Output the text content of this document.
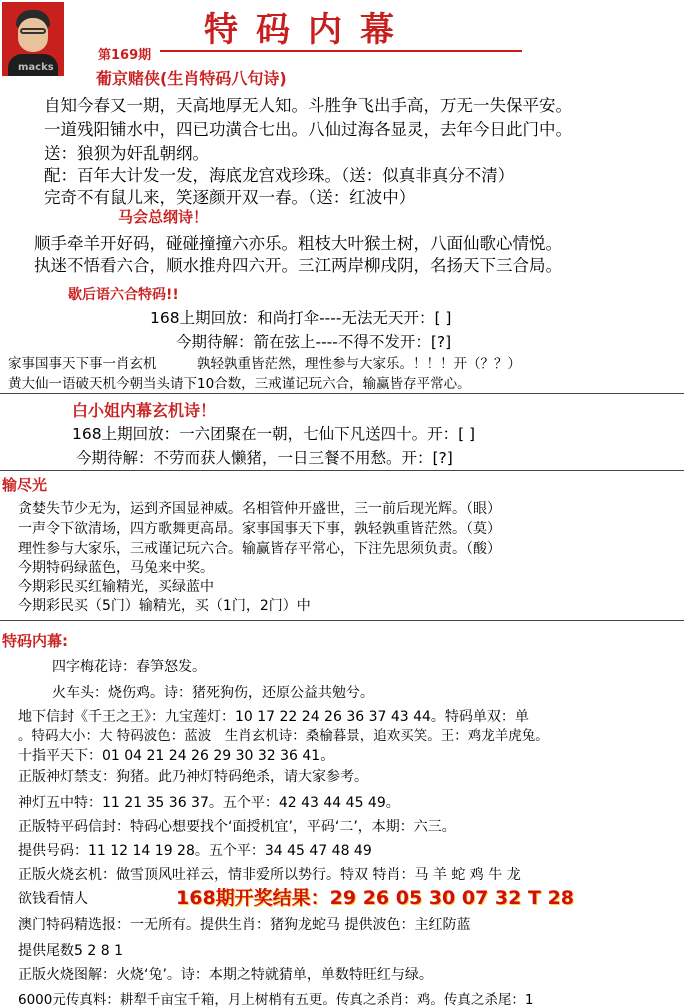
macks
第169期
特码内幕
葡京赌侠(生肖特码八句诗)
自知今春又一期，天高地厚无人知。斗胜争飞出手高，万无一失保平安。
一道残阳铺水中，四已功潢合七出。八仙过海各显灵，去年今日此门中。
送：狼狈为奸乱朝纲。
配：百年大计发一发，海底龙宫戏珍珠。（送：似真非真分不清）
完奇不有鼠儿来，笑逐颜开双一春。（送：红波中）
马会总纲诗！
顺手牵羊开好码，碰碰撞撞六亦乐。粗枝大叶猴土树，八面仙歌心情悦。
执迷不悟看六合，顺水推舟四六开。三江两岸柳戌阴，名扬天下三合局。
歇后语六合特码!!
168上期回放：和尚打伞----无法无天开：[ ]
今期待解：箭在弦上----不得不发开：[?]
家事国事天下事一肖玄机　　　孰轻孰重皆茫然，理性参与大家乐。！！！开（？？）
黄大仙一语破天机今朝当头请下10合数，三戒谨记玩六合，输赢皆存平常心。
白小姐内幕玄机诗！
168上期回放：一六团聚在一朝，七仙下凡送四十。开：[ ]
今期待解：不劳而获人懒猪，一日三餐不用愁。开：[?]
输尽光
贪婪失节少无为，运到齐国显神威。名相管仲开盛世，三一前后现光辉。（眼）
一声令下欲清场，四方歌舞更高昂。家事国事天下事，孰轻孰重皆茫然。（莫）
理性参与大家乐，三戒谨记玩六合。输赢皆存平常心，下注先思须负责。（酸）
今期特码绿蓝色，马兔来中奖。
今期彩民买红输精光，买绿蓝中
今期彩民买（5门）输精光，买（1门，2门）中
特码内幕:
四字梅花诗：春笋怒发。
火车头：烧伤鸡。诗：猪死狗伤，还原公益共勉兮。
地下信封《千王之王》：九宝莲灯：10 17 22 24 26 36 37 43 44。特码单双：单
。特码大小：大 特码波色：蓝波　生肖玄机诗：桑榆暮景，追欢买笑。王：鸡龙羊虎兔。
十指平天下：01 04 21 24 26 29 30 32 36 41。
正版神灯禁支：狗猪。此乃神灯特码绝杀，请大家参考。
神灯五中特：11 21 35 36 37。五个平：42 43 44 45 49。
正版特平码信封：特码心想要找个‘面授机宜’，平码‘二’，本期：六三。
提供号码：11 12 14 19 28。五个平：34 45 47 48 49
正版火烧玄机：做雪顶风吐祥云，情非爱所以势行。特双 特肖：马 羊 蛇 鸡 牛 龙
欲钱看情人	168期开奖结果：29 26 05 30 07 32 T 28
澳门特码精选报：一无所有。提供生肖：猪狗龙蛇马 提供波色：主红防蓝
提供尾数5 2 8 1
正版火烧图解：火烧‘兔’。诗：本期之特就猜单，单数特旺红与绿。
6000元传真料：耕犁千亩宝千箱，月上树梢有五更。传真之杀肖：鸡。传真之杀尾：1
